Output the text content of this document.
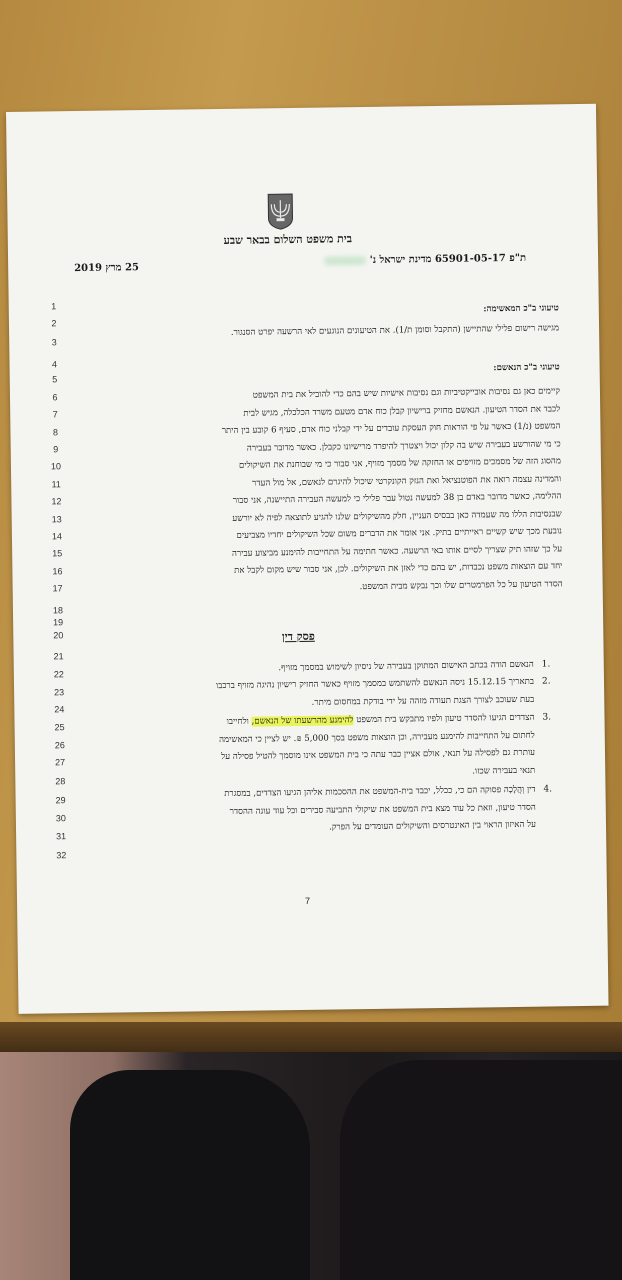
בית משפט השלום בבאר שבע
ת"פ 65901-05-17 מדינת ישראל נ'
25 מרץ 2019
1
2
3
4
5
6
7
8
9
10
11
12
13
14
15
16
17
18
19
20
21
22
23
24
25
26
27
28
29
30
31
32
טיעוני ב"כ המאשימה:
מגישה רישום פלילי שהתיישן (התקבל וסומן ת/1). את הטיעונים הנוגעים לאי הרשעה יפרט הסנגור.
טיעוני ב"כ הנאשם:
קיימים כאן גם נסיבות אובייקטיביות וגם נסיבות אישיות שיש בהם כדי להוביל את בית המשפט
לכבד את הסדר הטיעון. הנאשם מחזיק ברישיון קבלן כוח אדם מטעם משרד הכלכלה, מגיש לבית
המשפט (נ/1) כאשר על פי הוראות חוק העסקת עובדים על ידי קבלני כוח אדם, סעיף 6 קובע בין היתר
כי מי שהורשע בעבירה שיש בה קלון יכול ויצטרך להיפרד מרישיונו כקבלן. כאשר מדובר בעבירה
מהסוג הזה של מסמכים מזויפים או החזקה של מסמך מזויף, אני סבור כי מי שבוחנת את השיקולים
והמדינה עצמה רואה את הפוטנציאל ואת הנזק הקונקרטי שיכול להיגרם לנאשם, אל מול העדר
ההלימה, כאשר מדובר באדם בן 38 למעשה נטול עבר פלילי כי למעשה העבירה התיישנה, אני סבור
שבנסיבות הללו מה שעמדה כאן בבסיס העניין, חלק מהשיקולים שלנו להגיע לתוצאה לפיה לא יורשע
נובעת מכך שיש קשיים ראייתיים בתיק. אני אומר את הדברים משום שכל השיקולים יחדיו מצביעים
על כך שזהו תיק שצריך לסיים אותו באי הרשעה. כאשר חתימה על התחייבות להימנע מביצוע עבירה
יחד עם הוצאות משפט נכבדות, יש בהם כדי לאזן את השיקולים. לכן, אני סבור שיש מקום לקבל את
הסדר הטיעון על כל הפרמטרים שלו וכך נבקש מבית המשפט.
פסק דין
1.
הנאשם הודה בכתב האישום המתוקן בעבירה של ניסיון לשימוש במסמך מזויף.
2.
בתאריך 15.12.15 ניסה הנאשם להשתמש במסמך מזויף כאשר החזיק רישיון נהיגה מזויף ברכבו
בעת שעוכב לצורך הצגת תעודה מזהה על ידי בודקת במחסום מיתר.
3.
הצדדים הגיעו להסדר טיעון ולפיו מתבקש בית המשפט להימנע מהרשעתו של הנאשם, ולחייבו
לחתום על התחייבות להימנע מעבירה, וכן הוצאות משפט בסך 5,000 ₪. יש לציין כי המאשימה
עותרת גם לפסילה על תנאי, אולם אציין כבר עתה כי בית המשפט אינו מוסמך להטיל פסילה על
תנאי בעבירה שכזו.
4.
דין וְהֲלָכָה פסוקה הם כי, ככלל, יכבד בית-המשפט את ההסכמות אליהן הגיעו הצדדים, במסגרת
הסדר טיעון, וזאת כל עוד מצא בית המשפט את שיקולי התביעה סבירים וכל עוד עונה ההסדר
על האיזון הראוי בין האינטרסים והשיקולים העומדים על הפרק.
7
